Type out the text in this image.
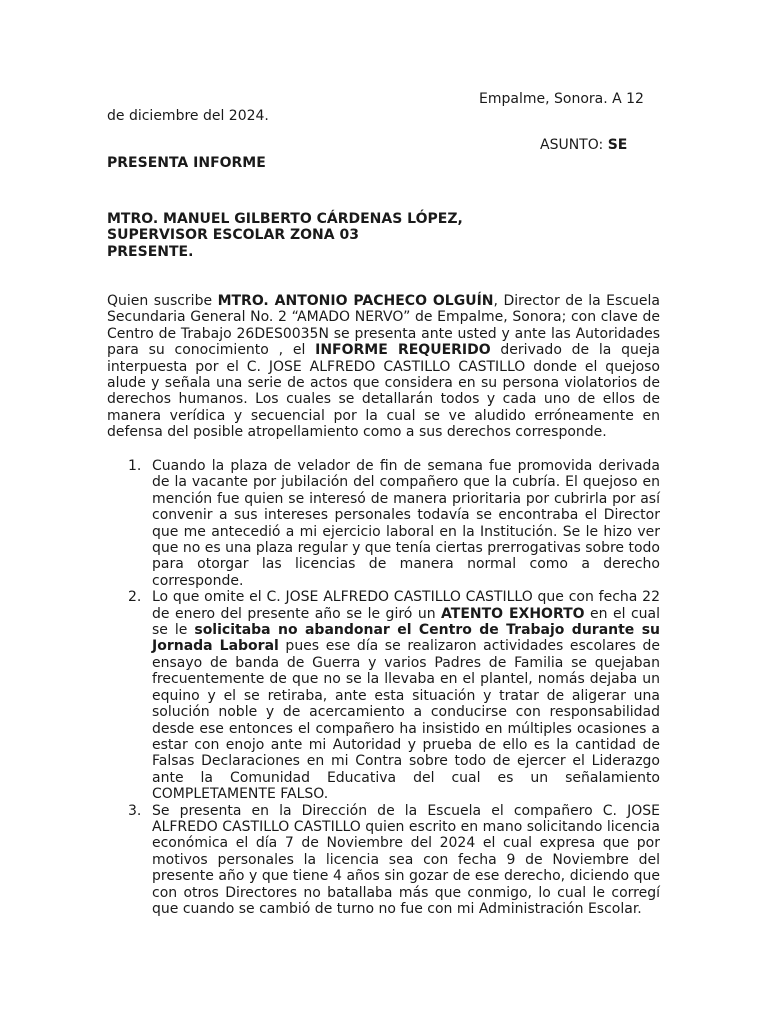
Empalme, Sonora. A 12
de diciembre del 2024.
ASUNTO: SE
PRESENTA INFORME
MTRO. MANUEL GILBERTO CÁRDENAS LÓPEZ,
SUPERVISOR ESCOLAR ZONA 03
PRESENTE.

Quien suscribe MTRO. ANTONIO PACHECO OLGUÍN, Director de la Escuela Secundaria General No. 2 “AMADO NERVO” de Empalme, Sonora; con clave de Centro de Trabajo 26DES0035N se presenta ante usted y ante las Autoridades para su conocimiento , el INFORME REQUERIDO derivado de la queja interpuesta por el C. JOSE ALFREDO CASTILLO CASTILLO donde el quejoso alude y señala una serie de actos que considera en su persona violatorios de derechos humanos. Los cuales se detallarán todos y cada uno de ellos de manera verídica y secuencial por la cual se ve aludido erróneamente en defensa del posible atropellamiento como a sus derechos corresponde.

1. Cuando la plaza de velador de fin de semana fue promovida derivada de la vacante por jubilación del compañero que la cubría. El quejoso en mención fue quien se interesó de manera prioritaria por cubrirla por así convenir a sus intereses personales todavía se encontraba el Director que me antecedió a mi ejercicio laboral en la Institución. Se le hizo ver que no es una plaza regular y que tenía ciertas prerrogativas sobre todo para otorgar las licencias de manera normal como a derecho corresponde.
2. Lo que omite el C. JOSE ALFREDO CASTILLO CASTILLO que con fecha 22 de enero del presente año se le giró un ATENTO EXHORTO en el cual se le solicitaba no abandonar el Centro de Trabajo durante su Jornada Laboral pues ese día se realizaron actividades escolares de ensayo de banda de Guerra y varios Padres de Familia se quejaban frecuentemente de que no se la llevaba en el plantel, nomás dejaba un equino y el se retiraba, ante esta situación y tratar de aligerar una solución noble y de acercamiento a conducirse con responsabilidad desde ese entonces el compañero ha insistido en múltiples ocasiones a estar con enojo ante mi Autoridad y prueba de ello es la cantidad de Falsas Declaraciones en mi Contra sobre todo de ejercer el Liderazgo ante la Comunidad Educativa del cual es un señalamiento COMPLETAMENTE FALSO.
3. Se presenta en la Dirección de la Escuela el compañero C. JOSE ALFREDO CASTILLO CASTILLO quien escrito en mano solicitando licencia económica el día 7 de Noviembre del 2024 el cual expresa que por motivos personales la licencia sea con fecha 9 de Noviembre del presente año y que tiene 4 años sin gozar de ese derecho, diciendo que con otros Directores no batallaba más que conmigo, lo cual le corregí que cuando se cambió de turno no fue con mi Administración Escolar.
